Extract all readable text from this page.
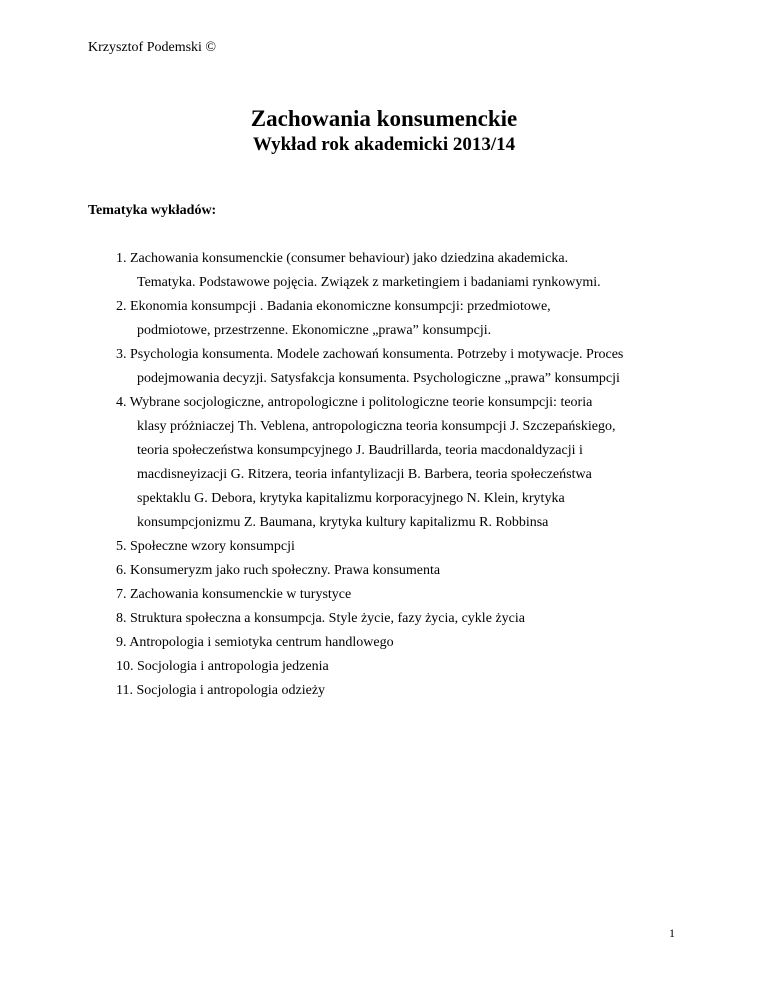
Krzysztof Podemski ©
Zachowania konsumenckie
Wykład rok akademicki 2013/14
Tematyka wykładów:
1. Zachowania konsumenckie (consumer behaviour) jako dziedzina akademicka.
Tematyka. Podstawowe pojęcia. Związek z marketingiem i badaniami rynkowymi.
2. Ekonomia konsumpcji . Badania ekonomiczne konsumpcji: przedmiotowe,
podmiotowe, przestrzenne. Ekonomiczne „prawa” konsumpcji.
3. Psychologia konsumenta. Modele zachowań konsumenta. Potrzeby i motywacje. Proces
podejmowania decyzji. Satysfakcja konsumenta. Psychologiczne „prawa” konsumpcji
4. Wybrane socjologiczne, antropologiczne i politologiczne teorie konsumpcji: teoria
klasy próżniaczej Th. Veblena, antropologiczna teoria konsumpcji J. Szczepańskiego,
teoria społeczeństwa konsumpcyjnego J. Baudrillarda, teoria macdonaldyzacji i
macdisneyizacji G. Ritzera, teoria infantylizacji B. Barbera, teoria społeczeństwa
spektaklu G. Debora, krytyka kapitalizmu korporacyjnego N. Klein, krytyka
konsumpcjonizmu Z. Baumana, krytyka kultury kapitalizmu R. Robbinsa
5. Społeczne wzory konsumpcji
6. Konsumeryzm jako ruch społeczny. Prawa konsumenta
7. Zachowania konsumenckie w turystyce
8. Struktura społeczna a konsumpcja. Style życie, fazy życia, cykle życia
9. Antropologia i semiotyka centrum handlowego
10. Socjologia i antropologia jedzenia
11. Socjologia i antropologia odzieży
1
